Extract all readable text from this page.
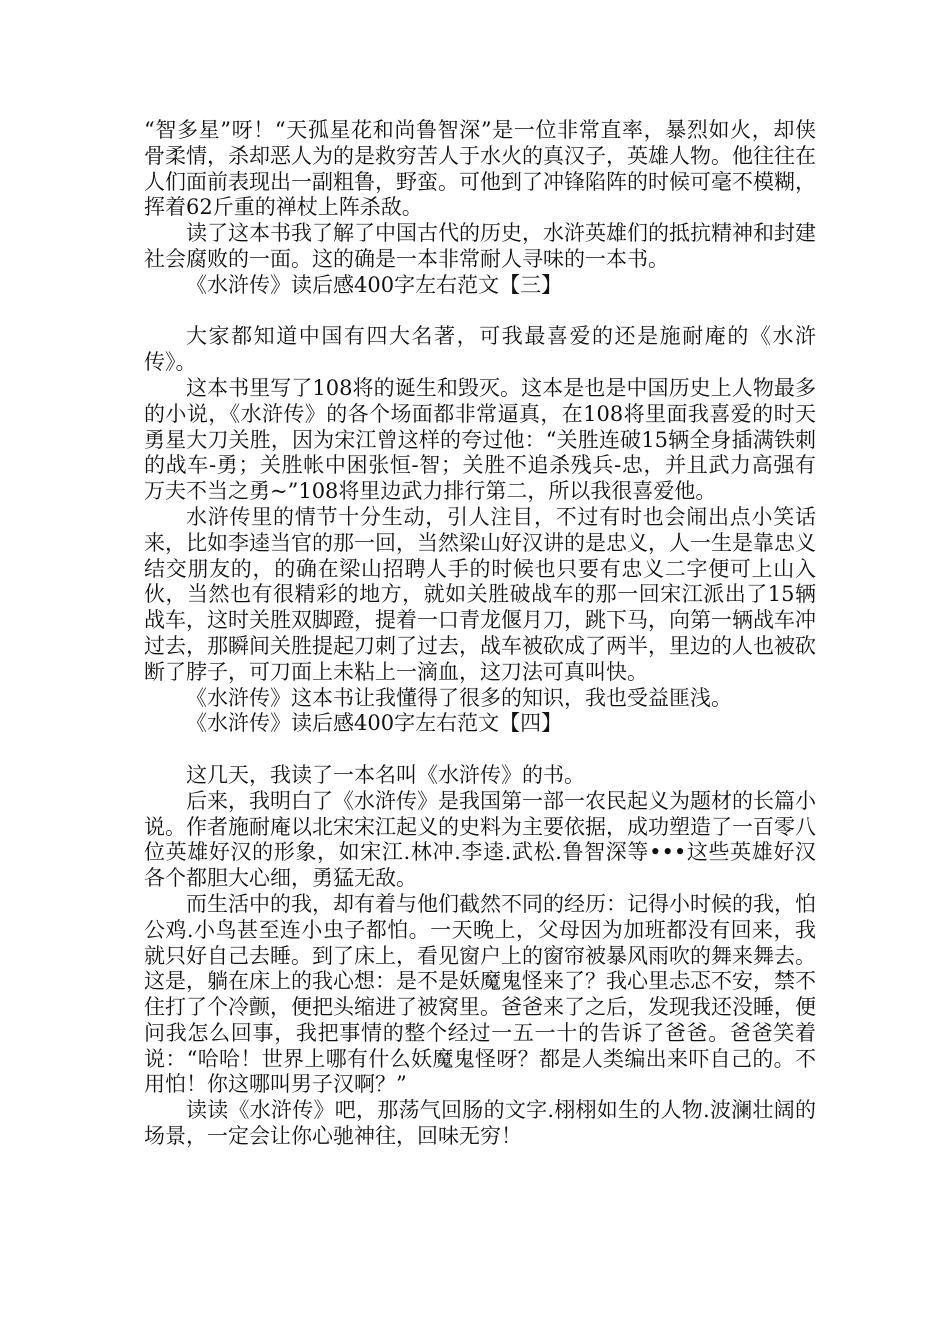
“智多星”呀！“天孤星花和尚鲁智深”是一位非常直率，暴烈如火，却侠骨柔情，杀却恶人为的是救穷苦人于水火的真汉子，英雄人物。他往往在人们面前表现出一副粗鲁，野蛮。可他到了冲锋陷阵的时候可毫不模糊，挥着62斤重的禅杖上阵杀敌。

读了这本书我了解了中国古代的历史，水浒英雄们的抵抗精神和封建社会腐败的一面。这的确是一本非常耐人寻味的一本书。

《水浒传》读后感400字左右范文【三】

大家都知道中国有四大名著，可我最喜爱的还是施耐庵的《水浒传》。

这本书里写了108将的诞生和毁灭。这本是也是中国历史上人物最多的小说，《水浒传》的各个场面都非常逼真，在108将里面我喜爱的时天勇星大刀关胜，因为宋江曾这样的夸过他：“关胜连破15辆全身插满铁刺的战车-勇；关胜帐中困张恒-智；关胜不追杀残兵-忠，并且武力高强有万夫不当之勇~”108将里边武力排行第二，所以我很喜爱他。

水浒传里的情节十分生动，引人注目，不过有时也会闹出点小笑话来，比如李逵当官的那一回，当然梁山好汉讲的是忠义，人一生是靠忠义结交朋友的，的确在梁山招聘人手的时候也只要有忠义二字便可上山入伙，当然也有很精彩的地方，就如关胜破战车的那一回宋江派出了15辆战车，这时关胜双脚蹬，提着一口青龙偃月刀，跳下马，向第一辆战车冲过去，那瞬间关胜提起刀刺了过去，战车被砍成了两半，里边的人也被砍断了脖子，可刀面上未粘上一滴血，这刀法可真叫快。

《水浒传》这本书让我懂得了很多的知识，我也受益匪浅。

《水浒传》读后感400字左右范文【四】

这几天，我读了一本名叫《水浒传》的书。

后来，我明白了《水浒传》是我国第一部一农民起义为题材的长篇小说。作者施耐庵以北宋宋江起义的史料为主要依据，成功塑造了一百零八位英雄好汉的形象，如宋江.林冲.李逵.武松.鲁智深等•••这些英雄好汉各个都胆大心细，勇猛无敌。

而生活中的我，却有着与他们截然不同的经历：记得小时候的我，怕公鸡.小鸟甚至连小虫子都怕。一天晚上，父母因为加班都没有回来，我就只好自己去睡。到了床上，看见窗户上的窗帘被暴风雨吹的舞来舞去。这是，躺在床上的我心想：是不是妖魔鬼怪来了？我心里忐忑不安，禁不住打了个冷颤，便把头缩进了被窝里。爸爸来了之后，发现我还没睡，便问我怎么回事，我把事情的整个经过一五一十的告诉了爸爸。爸爸笑着说：“哈哈！世界上哪有什么妖魔鬼怪呀？都是人类编出来吓自己的。不用怕！你这哪叫男子汉啊？”

读读《水浒传》吧，那荡气回肠的文字.栩栩如生的人物.波澜壮阔的场景，一定会让你心驰神往，回味无穷！
